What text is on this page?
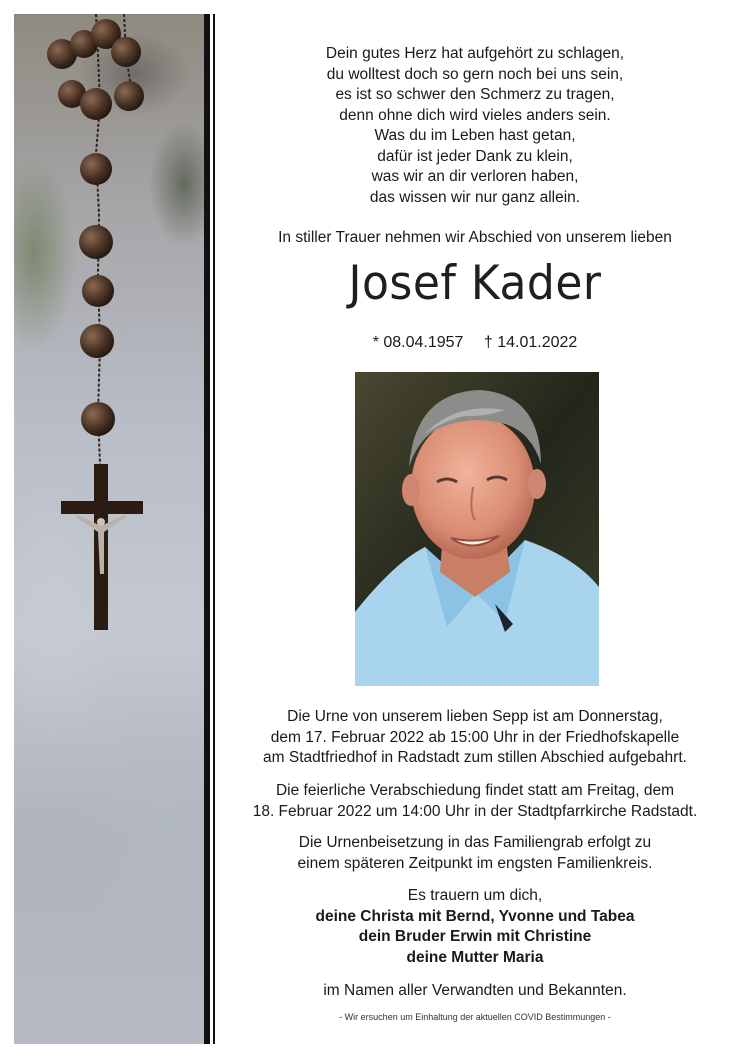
Dein gutes Herz hat aufgehört zu schlagen,
du wolltest doch so gern noch bei uns sein,
es ist so schwer den Schmerz zu tragen,
denn ohne dich wird vieles anders sein.
Was du im Leben hast getan,
dafür ist jeder Dank zu klein,
was wir an dir verloren haben,
das wissen wir nur ganz allein.
In stiller Trauer nehmen wir Abschied von unserem lieben
Josef Kader
* 08.04.1957 † 14.01.2022
Die Urne von unserem lieben Sepp ist am Donnerstag,
dem 17. Februar 2022 ab 15:00 Uhr in der Friedhofskapelle
am Stadtfriedhof in Radstadt zum stillen Abschied aufgebahrt.
Die feierliche Verabschiedung findet statt am Freitag, dem
18. Februar 2022 um 14:00 Uhr in der Stadtpfarrkirche Radstadt.
Die Urnenbeisetzung in das Familiengrab erfolgt zu
einem späteren Zeitpunkt im engsten Familienkreis.
Es trauern um dich,
deine Christa mit Bernd, Yvonne und Tabea
dein Bruder Erwin mit Christine
deine Mutter Maria
im Namen aller Verwandten und Bekannten.
- Wir ersuchen um Einhaltung der aktuellen COVID Bestimmungen -
